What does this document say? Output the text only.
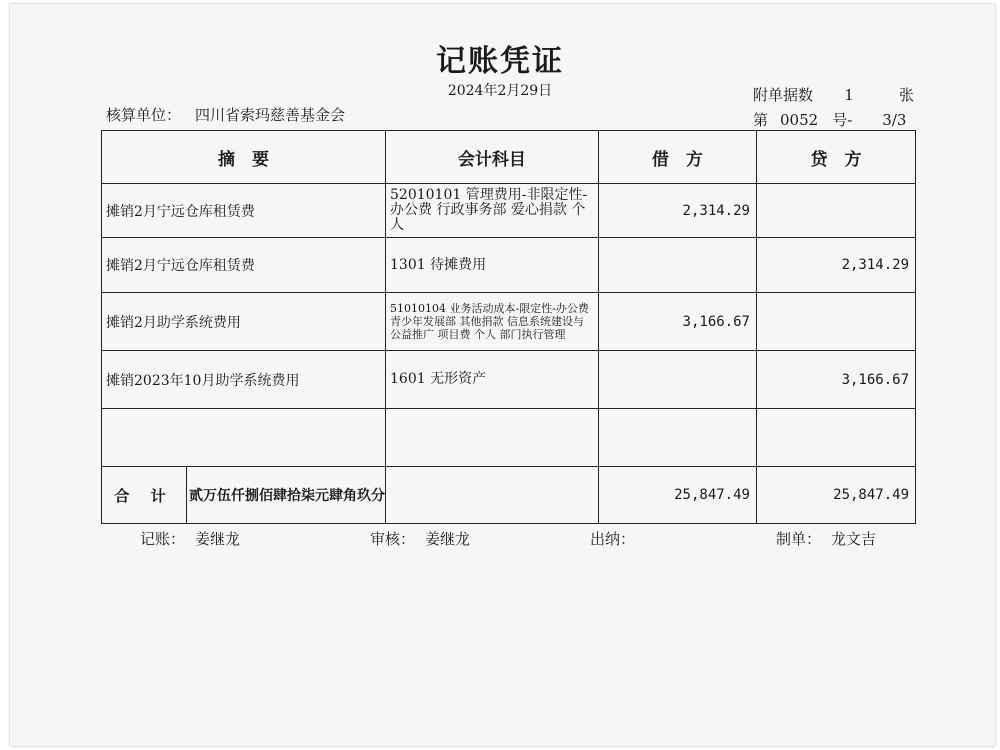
记账凭证
2024年2月29日
核算单位： 四川省索玛慈善基金会
附单据数 1	张
第 0052 号- 3/3
摘　要	会计科目	借　方	贷　方
摊销2月宁远仓库租赁费	52010101 管理费用-非限定性-办公费 行政事务部 爱心捐款 个人	2,314.29	
摊销2月宁远仓库租赁费	1301 待摊费用		2,314.29
摊销2月助学系统费用	51010104 业务活动成本-限定性-办公费 青少年发展部 其他捐款 信息系统建设与公益推广 项目费 个人 部门执行管理	3,166.67	
摊销2023年10月助学系统费用	1601 无形资产		3,166.67

合 计 贰万伍仟捌佰肆拾柒元肆角玖分		25,847.49	25,847.49
记账： 姜继龙	审核： 姜继龙	出纳：	制单： 龙文吉
